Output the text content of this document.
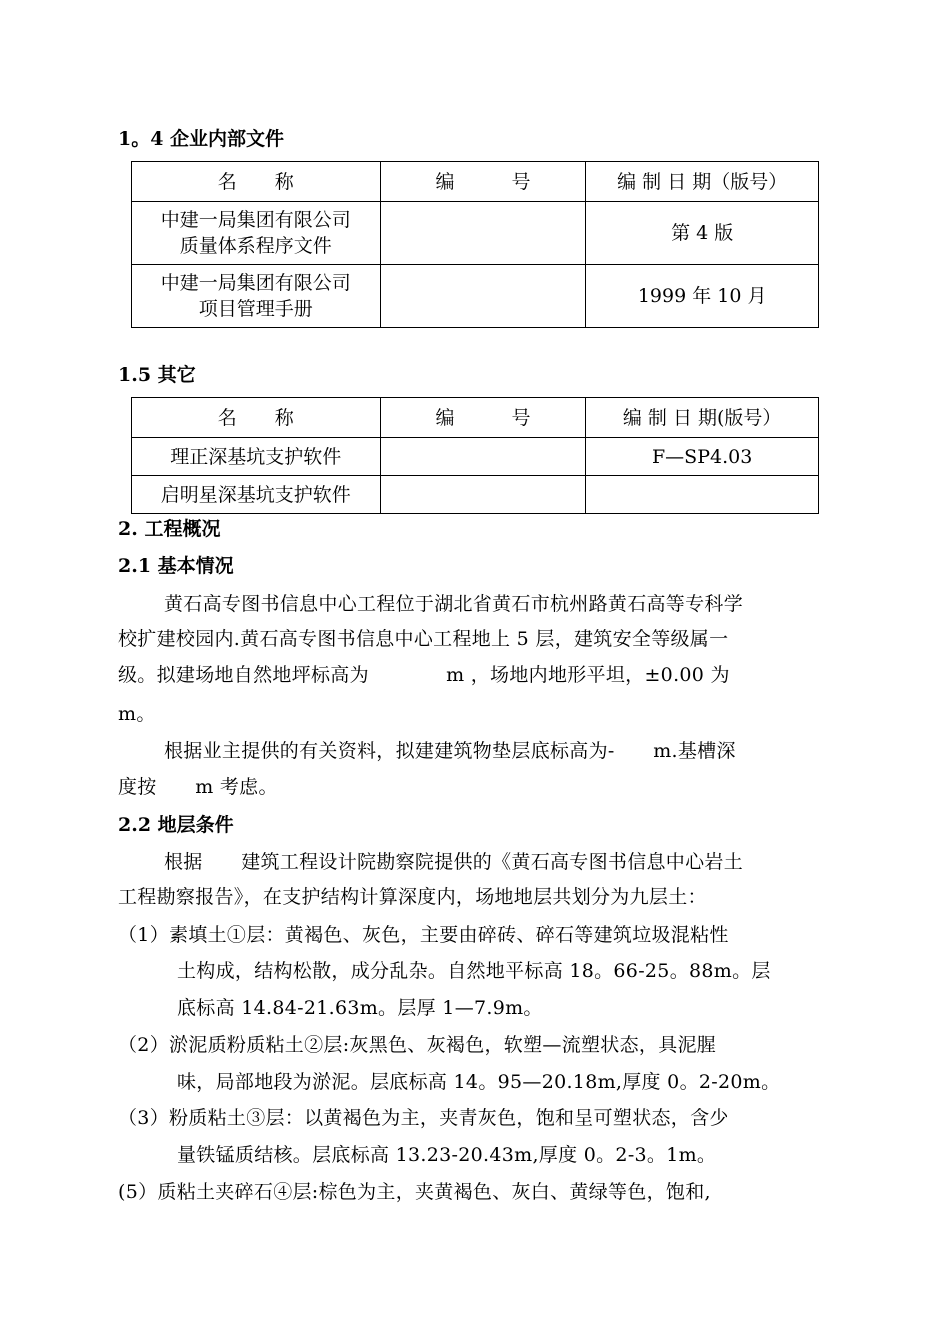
1。4 企业内部文件
名　　称	编　　　号	编 制 日 期（版号）

中建一局集团有限公司
质量体系程序文件		第 4 版

中建一局集团有限公司
项目管理手册		1999 年 10 月
1.5 其它
名　　称	编　　　号	编 制 日 期(版号）
理正深基坑支护软件		F—SP4.03
启明星深基坑支护软件		
2. 工程概况
2.1 基本情况
黄石高专图书信息中心工程位于湖北省黄石市杭州路黄石高等专科学
校扩建校园内.黄石高专图书信息中心工程地上 5 层，建筑安全等级属一
级。拟建场地自然地坪标高为　　　　m ，场地内地形平坦，±0.00 为
m。
根据业主提供的有关资料，拟建建筑物垫层底标高为-　　m.基槽深
度按　　m 考虑。
2.2 地层条件
根据　　建筑工程设计院勘察院提供的《黄石高专图书信息中心岩土
工程勘察报告》，在支护结构计算深度内，场地地层共划分为九层土：
（1）素填土①层：黄褐色、灰色，主要由碎砖、碎石等建筑垃圾混粘性
土构成，结构松散，成分乱杂。自然地平标高 18。66-25。88m。层
底标高 14.84-21.63m。层厚 1—7.9m。
（2）淤泥质粉质粘土②层:灰黑色、灰褐色，软塑—流塑状态，具泥腥
味，局部地段为淤泥。层底标高 14。95—20.18m,厚度 0。2-20m。
（3）粉质粘土③层：以黄褐色为主，夹青灰色，饱和呈可塑状态，含少
量铁锰质结核。层底标高 13.23-20.43m,厚度 0。2-3。1m。
(5）质粘土夹碎石④层:棕色为主，夹黄褐色、灰白、黄绿等色，饱和,
